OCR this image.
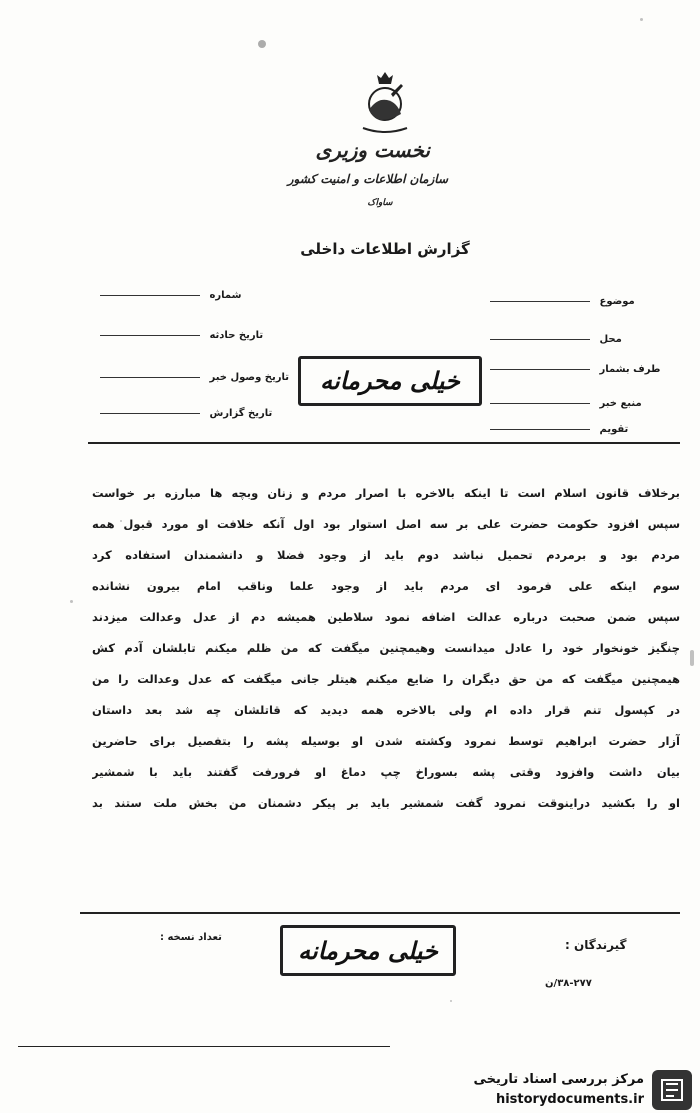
نخست وزیری
سازمان اطلاعات و امنیت کشور
ساواک
گزارش اطلاعات داخلی
شماره
تاریخ حادثه
تاریخ وصول خبر
تاریخ گزارش
موضوع
محل
طرف بشمار
منبع خبر
تقویم
خیلی محرمانه
برخلاف قانون اسلام است تا اینکه بالاخره با اصرار مردم و زنان وبچه ها مبارزه بر خواست
سپس افزود حکومت حضرت علی بر سه اصل استوار بود اول آنکه خلافت او مورد قبول همه
مردم بود و برمردم تحمیل نباشد دوم باید از وجود فضلا و دانشمندان استفاده کرد
سوم اینکه علی فرمود ای مردم باید از وجود علما وناقب امام بیرون نشانده
سپس ضمن صحبت درباره عدالت اضافه نمود سلاطین همیشه دم از عدل وعدالت میزدند
چنگیز خونخوار خود را عادل میدانست وهیمچنین میگفت که من ظلم میکنم تابلشان آدم کش
هیمچنین میگفت که من حق دیگران را ضایع میکنم هیتلر جانی میگفت که عدل وعدالت را من
در کپسول تنم قرار داده ام ولی بالاخره همه دیدید که قاتلشان چه شد بعد داستان
آزار حضرت ابراهیم توسط نمرود وکشته شدن او بوسیله پشه را بتفصیل برای حاضرین
بیان داشت وافزود وقتی پشه بسوراخ چپ دماغ او فرورفت گفتند باید با شمشیر
او را بکشید دراینوقت نمرود گفت شمشیر باید بر پیکر دشمنان من بخش ملت ستند بد
تعداد نسخه :	خیلی محرمانه	گیرندگان :
۳۸-۲۷۷/ن
مرکز بررسی اسناد تاریخی
historydocuments.ir
